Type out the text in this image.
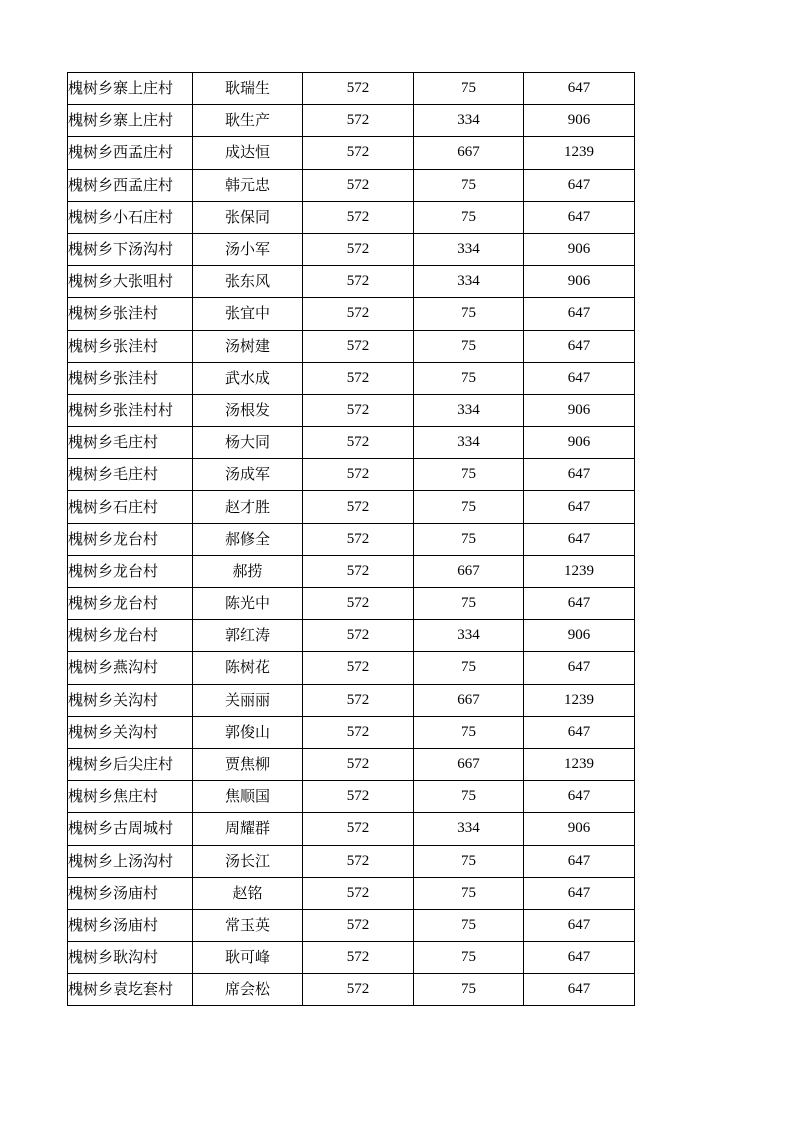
槐树乡寨上庄村	耿瑞生	572	75	647
槐树乡寨上庄村	耿生产	572	334	906
槐树乡西孟庄村	成达恒	572	667	1239
槐树乡西孟庄村	韩元忠	572	75	647
槐树乡小石庄村	张保同	572	75	647
槐树乡下汤沟村	汤小军	572	334	906
槐树乡大张咀村	张东风	572	334	906
槐树乡张洼村	张宜中	572	75	647
槐树乡张洼村	汤树建	572	75	647
槐树乡张洼村	武水成	572	75	647
槐树乡张洼村村	汤根发	572	334	906
槐树乡毛庄村	杨大同	572	334	906
槐树乡毛庄村	汤成军	572	75	647
槐树乡石庄村	赵才胜	572	75	647
槐树乡龙台村	郝修全	572	75	647
槐树乡龙台村	郝捞	572	667	1239
槐树乡龙台村	陈光中	572	75	647
槐树乡龙台村	郭红涛	572	334	906
槐树乡燕沟村	陈树花	572	75	647
槐树乡关沟村	关丽丽	572	667	1239
槐树乡关沟村	郭俊山	572	75	647
槐树乡后尖庄村	贾焦柳	572	667	1239
槐树乡焦庄村	焦顺国	572	75	647
槐树乡古周城村	周耀群	572	334	906
槐树乡上汤沟村	汤长江	572	75	647
槐树乡汤庙村	赵铭	572	75	647
槐树乡汤庙村	常玉英	572	75	647
槐树乡耿沟村	耿可峰	572	75	647
槐树乡袁圪套村	席会松	572	75	647
